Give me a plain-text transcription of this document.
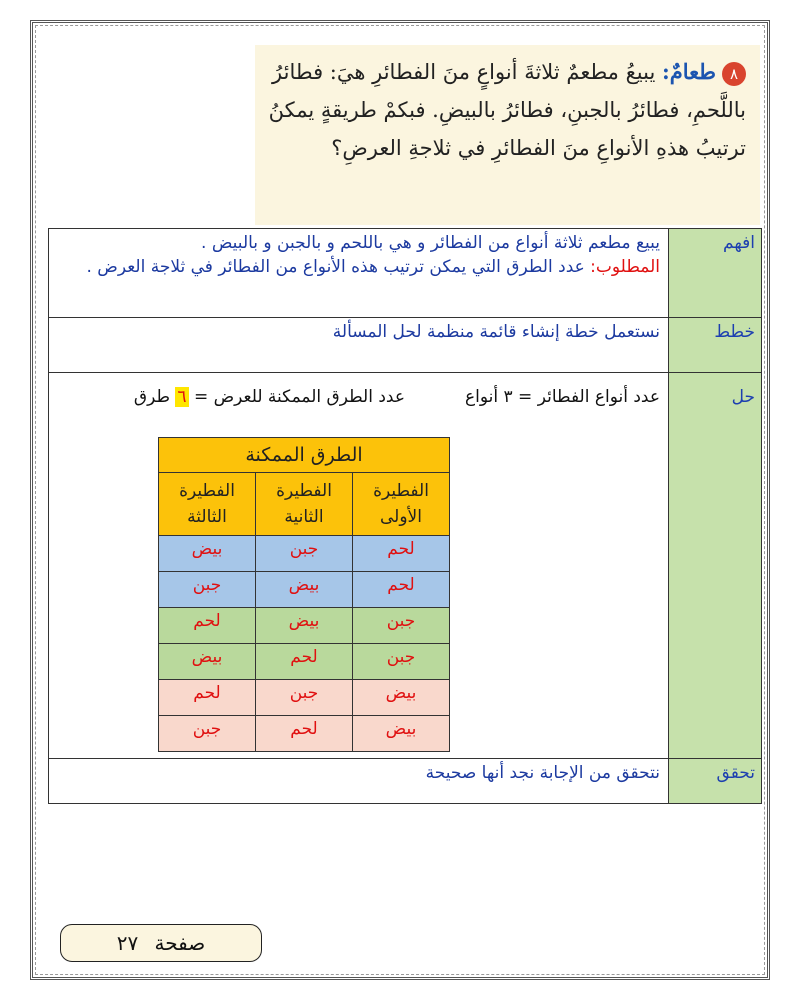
٨طعامٌ: يبيعُ مطعمٌ ثلاثةَ أنواعٍ منَ الفطائرِ هيَ: فطائرُ باللَّحمِ، فطائرُ بالجبنِ، فطائرُ بالبيضِ. فبكمْ طريقةٍ يمكنُ ترتيبُ هذهِ الأنواعِ منَ الفطائرِ في ثلاجةِ العرضِ؟
افهم	
يبيع مطعم ثلاثة أنواع من الفطائر و هي باللحم و بالجبن و بالبيض .
المطلوب: عدد الطرق التي يمكن ترتيب هذه الأنواع من الفطائر في ثلاجة العرض .

خطط	نستعمل خطة إنشاء قائمة منظمة لحل المسألة
حل	
عدد أنواع الفطائر = ٣ أنواع
عدد الطرق الممكنة للعرض = ٦ طرق
الطرق الممكنة
الفطيرة الأولى	الفطيرة الثانية	الفطيرة الثالثة
لحم	جبن	بيض
لحم	بيض	جبن
جبن	بيض	لحم
جبن	لحم	بيض
بيض	جبن	لحم
بيض	لحم	جبن

تحقق	نتحقق من الإجابة نجد أنها صحيحة
صفحة ٢٧
